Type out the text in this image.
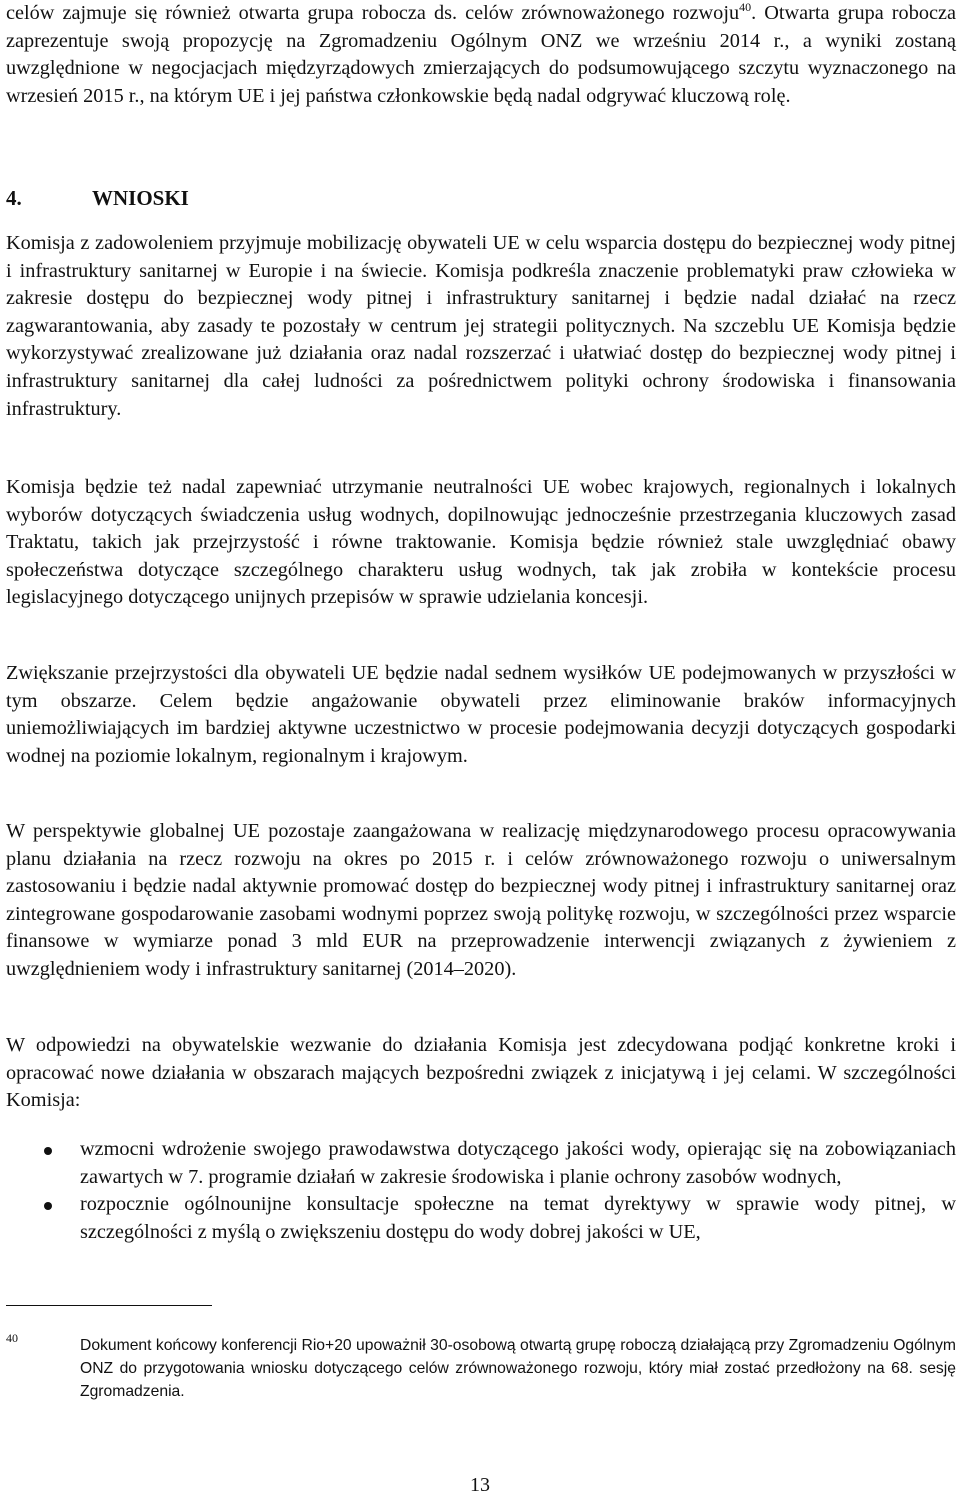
celów zajmuje się również otwarta grupa robocza ds. celów zrównoważonego rozwoju$^{40}$. Otwarta grupa robocza zaprezentuje swoją propozycję na Zgromadzeniu Ogólnym ONZ we wrześniu 2014 r., a wyniki zostaną uwzględnione w negocjacjach międzyrządowych zmierzających do podsumowującego szczytu wyznaczonego na wrzesień 2015 r., na którym UE i jej państwa członkowskie będą nadal odgrywać kluczową rolę.

4.	WNIOSKI

Komisja z zadowoleniem przyjmuje mobilizację obywateli UE w celu wsparcia dostępu do bezpiecznej wody pitnej i infrastruktury sanitarnej w Europie i na świecie. Komisja podkreśla znaczenie problematyki praw człowieka w zakresie dostępu do bezpiecznej wody pitnej i infrastruktury sanitarnej i będzie nadal działać na rzecz zagwarantowania, aby zasady te pozostały w centrum jej strategii politycznych. Na szczeblu UE Komisja będzie wykorzystywać zrealizowane już działania oraz nadal rozszerzać i ułatwiać dostęp do bezpiecznej wody pitnej i infrastruktury sanitarnej dla całej ludności za pośrednictwem polityki ochrony środowiska i finansowania infrastruktury.

Komisja będzie też nadal zapewniać utrzymanie neutralności UE wobec krajowych, regionalnych i lokalnych wyborów dotyczących świadczenia usług wodnych, dopilnowując jednocześnie przestrzegania kluczowych zasad Traktatu, takich jak przejrzystość i równe traktowanie. Komisja będzie również stale uwzględniać obawy społeczeństwa dotyczące szczególnego charakteru usług wodnych, tak jak zrobiła w kontekście procesu legislacyjnego dotyczącego unijnych przepisów w sprawie udzielania koncesji.

Zwiększanie przejrzystości dla obywateli UE będzie nadal sednem wysiłków UE podejmowanych w przyszłości w tym obszarze. Celem będzie angażowanie obywateli przez eliminowanie braków informacyjnych uniemożliwiających im bardziej aktywne uczestnictwo w procesie podejmowania decyzji dotyczących gospodarki wodnej na poziomie lokalnym, regionalnym i krajowym.

W perspektywie globalnej UE pozostaje zaangażowana w realizację międzynarodowego procesu opracowywania planu działania na rzecz rozwoju na okres po 2015 r. i celów zrównoważonego rozwoju o uniwersalnym zastosowaniu i będzie nadal aktywnie promować dostęp do bezpiecznej wody pitnej i infrastruktury sanitarnej oraz zintegrowane gospodarowanie zasobami wodnymi poprzez swoją politykę rozwoju, w szczególności przez wsparcie finansowe w wymiarze ponad 3 mld EUR na przeprowadzenie interwencji związanych z żywieniem z uwzględnieniem wody i infrastruktury sanitarnej (2014–2020).

W odpowiedzi na obywatelskie wezwanie do działania Komisja jest zdecydowana podjąć konkretne kroki i opracować nowe działania w obszarach mających bezpośredni związek z inicjatywą i jej celami. W szczególności Komisja:

wzmocni wdrożenie swojego prawodawstwa dotyczącego jakości wody, opierając się na zobowiązaniach zawartych w 7. programie działań w zakresie środowiska i planie ochrony zasobów wodnych,
rozpocznie ogólnounijne konsultacje społeczne na temat dyrektywy w sprawie wody pitnej, w szczególności z myślą o zwiększeniu dostępu do wody dobrej jakości w UE,
40	Dokument końcowy konferencji Rio+20 upoważnił 30-osobową otwartą grupę roboczą działającą przy Zgromadzeniu Ogólnym ONZ do przygotowania wniosku dotyczącego celów zrównoważonego rozwoju, który miał zostać przedłożony na 68. sesję Zgromadzenia.

13
